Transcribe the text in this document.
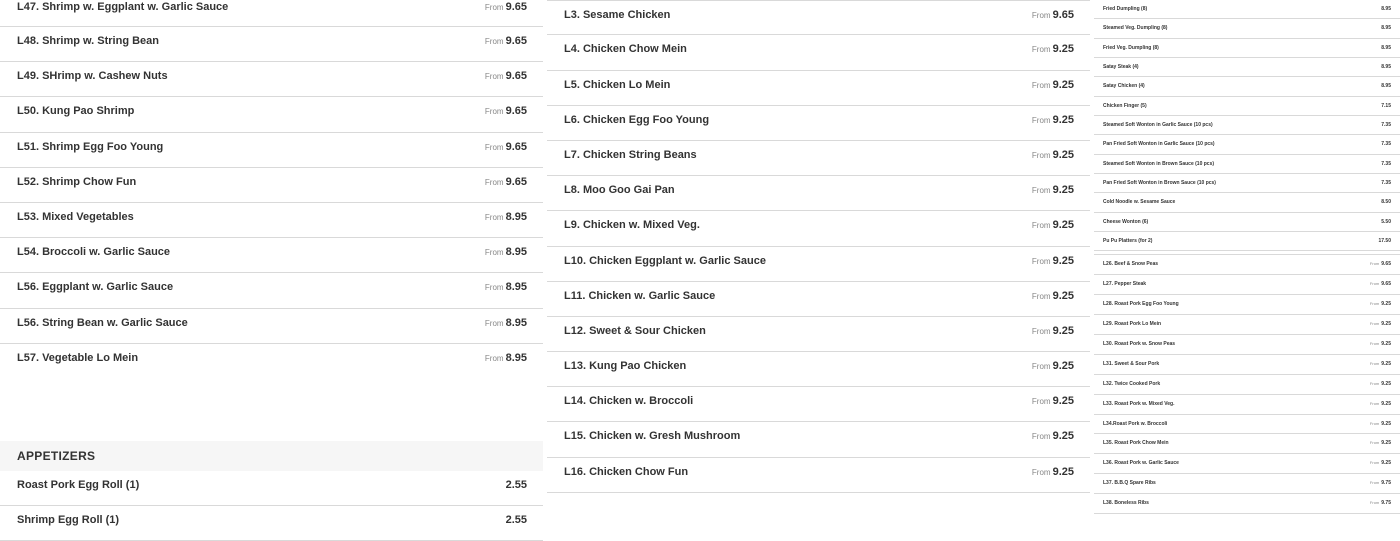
L47. Shrimp w. Eggplant w. Garlic Sauce	From 9.65
L48. Shrimp w. String Bean	From 9.65
L49. SHrimp w. Cashew Nuts	From 9.65
L50. Kung Pao Shrimp	From 9.65
L51. Shrimp Egg Foo Young	From 9.65
L52. Shrimp Chow Fun	From 9.65
L53. Mixed Vegetables	From 8.95
L54. Broccoli w. Garlic Sauce	From 8.95
L56. Eggplant w. Garlic Sauce	From 8.95
L56. String Bean w. Garlic Sauce	From 8.95
L57. Vegetable Lo Mein	From 8.95
APPETIZERS
Roast Pork Egg Roll (1)	2.55
Shrimp Egg Roll (1)	2.55
L3. Sesame Chicken	From 9.65
L4. Chicken Chow Mein	From 9.25
L5. Chicken Lo Mein	From 9.25
L6. Chicken Egg Foo Young	From 9.25
L7. Chicken String Beans	From 9.25
L8. Moo Goo Gai Pan	From 9.25
L9. Chicken w. Mixed Veg.	From 9.25
L10. Chicken Eggplant w. Garlic Sauce	From 9.25
L11. Chicken w. Garlic Sauce	From 9.25
L12. Sweet & Sour Chicken	From 9.25
L13. Kung Pao Chicken	From 9.25
L14. Chicken w. Broccoli	From 9.25
L15. Chicken w. Gresh Mushroom	From 9.25
L16. Chicken Chow Fun	From 9.25
Fried Dumpling (8)	8.95
Steamed Veg. Dumpling (8)	8.95
Fried Veg. Dumpling (8)	8.95
Satay Steak (4)	8.95
Satay Chicken (4)	8.95
Chicken Finger (5)	7.15
Steamed Soft Wonton in Garlic Sauce (10 pcs)	7.35
Pan Fried Soft Wonton in Garlic Sauce (10 pcs)	7.35
Steamed Soft Wonton in Brown Sauce (10 pcs)	7.35
Pan Fried Soft Wonton in Brown Sauce (10 pcs)	7.35
Cold Noodle w. Sesame Sauce	8.50
Cheese Wonton (6)	5.50
Pu Pu Platters (for 2)	17.50
L26. Beef & Snow Peas	From 9.65
L27. Pepper Steak	From 9.65
L28. Roast Pork Egg Foo Young	From 9.25
L29. Roast Pork Lo Mein	From 9.25
L30. Roast Pork w. Snow Peas	From 9.25
L31. Sweet & Sour Pork	From 9.25
L32. Twice Cooked Pork	From 9.25
L33. Roast Pork w. Mixed Veg.	From 9.25
L34.Roast Pork w. Broccoli	From 9.25
L35. Roast Pork Chow Mein	From 9.25
L36. Roast Pork w. Garlic Sauce	From 9.25
L37. B.B.Q Spare Ribs	From 9.75
L38. Boneless Ribs	From 9.75
